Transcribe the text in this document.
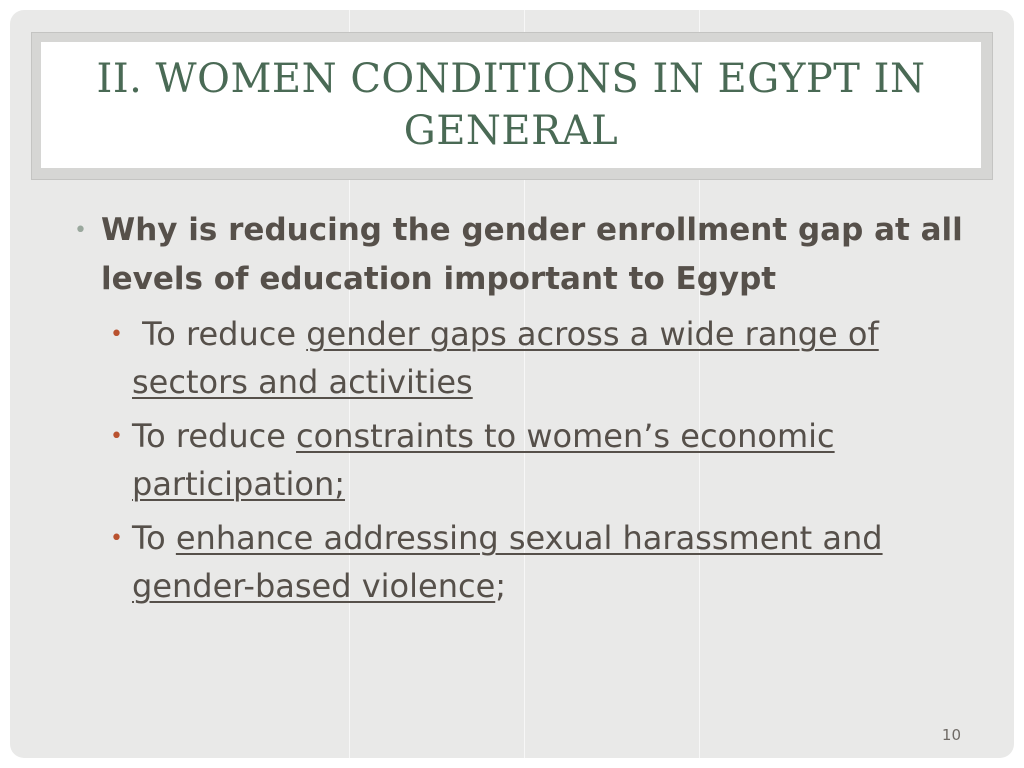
II. WOMEN CONDITIONS IN EGYPT IN GENERAL
• Why is reducing the gender enrollment gap at all levels of education important to Egypt
• To reduce gender gaps across a wide range of sectors and activities
• To reduce constraints to women’s economic participation;
• To enhance addressing sexual harassment and gender-based violence;
10
